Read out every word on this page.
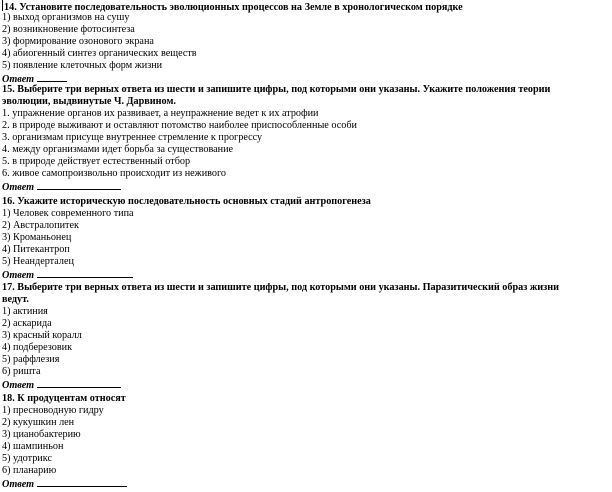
14. Установите последовательность эволюционных процессов на Земле в хронологическом порядке
1) выход организмов на сушу
2) возникновение фотосинтеза
3) формирование озонового экрана
4) абиогенный синтез органических веществ
5) появление клеточных форм жизни
Ответ
15. Выберите три верных ответа из шести и запишите цифры, под которыми они указаны. Укажите положения теории
эволюции, выдвинутые Ч. Дарвином.
1. упражнение органов их развивает, а неупражнение ведет к их атрофии
2. в природе выживают и оставляют потомство наиболее приспособленные особи
3. организмам присуще внутреннее стремление к прогрессу
4. между организмами идет борьба за существование
5. в природе действует естественный отбор
6. живое самопроизвольно происходит из неживого
Ответ
16. Укажите историческую последовательность основных стадий антропогенеза
1) Человек современного типа
2) Австралопитек
3) Кроманьонец
4) Питекантроп
5) Неандерталец
Ответ
17. Выберите три верных ответа из шести и запишите цифры, под которыми они указаны. Паразитический образ жизни
ведут.
1) актиния
2) аскарида
3) красный коралл
4) подберезовик
5) раффлезия
6) ришта
Ответ
18. К продуцентам относят
1) пресноводную гидру
2) кукушкин лен
3) цианобактерию
4) шампиньон
5) удотрикс
6) планарию
Ответ
